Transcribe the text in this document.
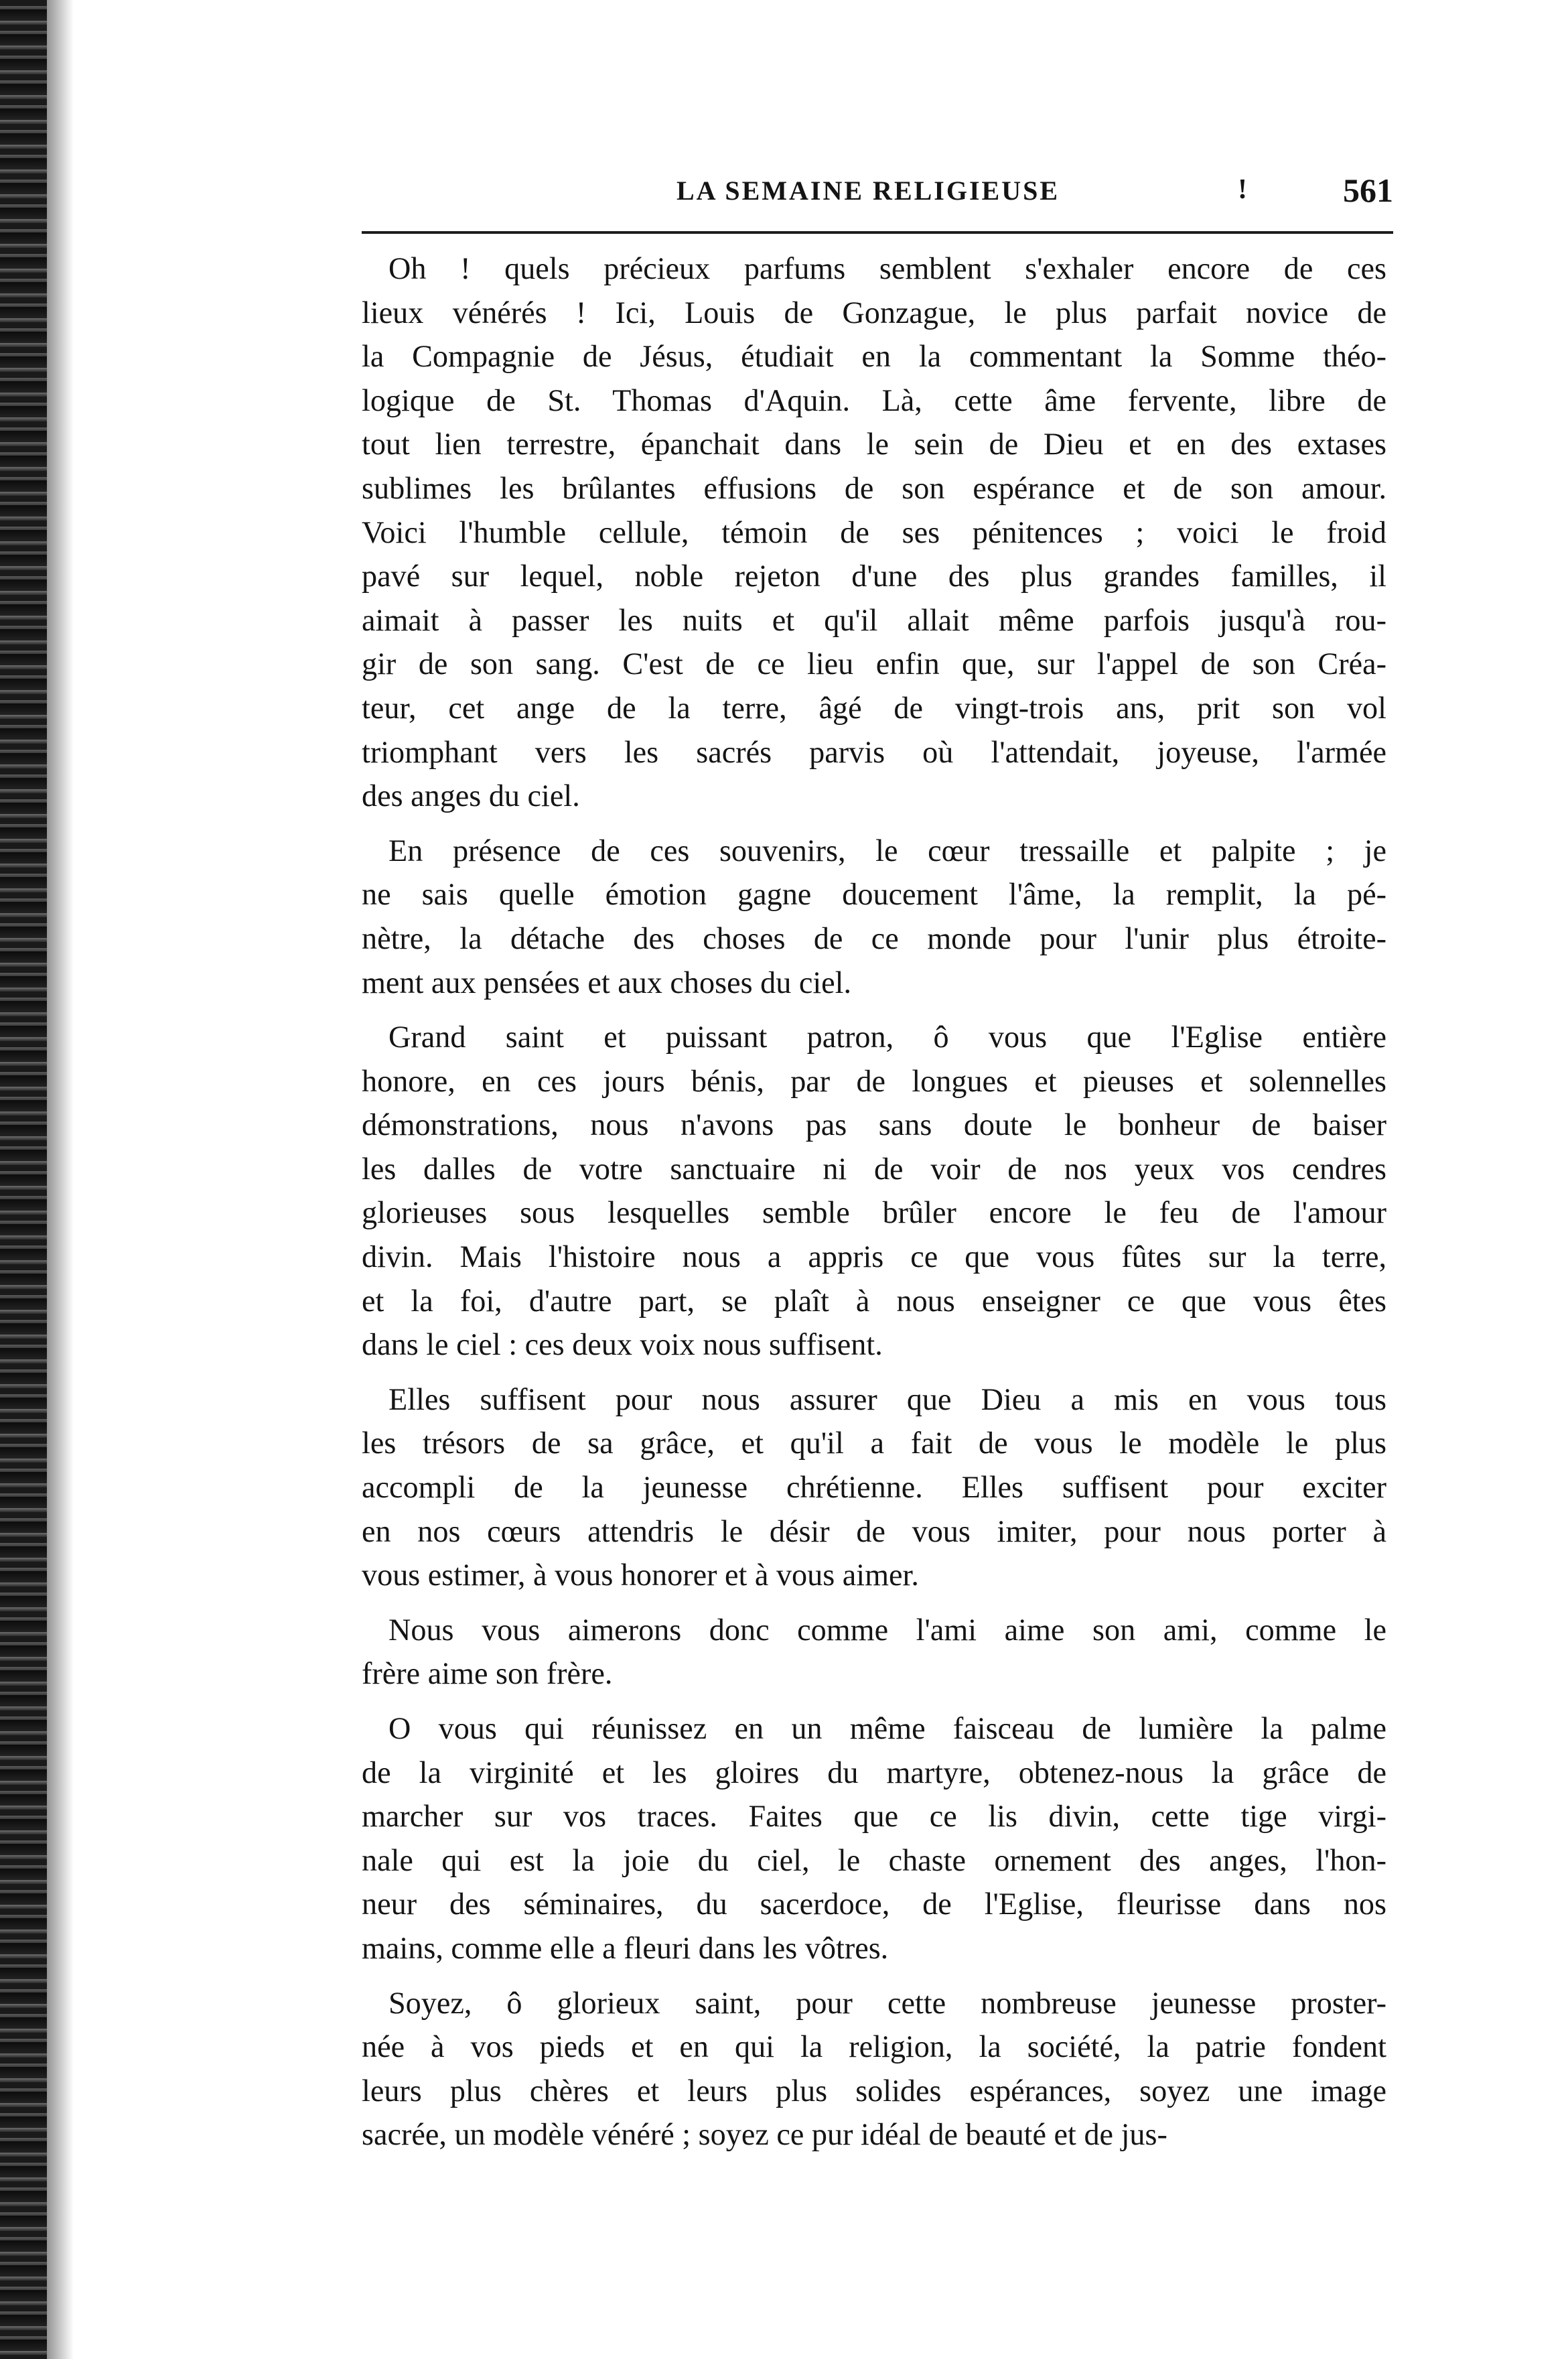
LA SEMAINE RELIGIEUSE	!	561

Oh ! quels précieux parfums semblent s'exhaler encore de ces
lieux vénérés ! Ici, Louis de Gonzague, le plus parfait novice de
la Compagnie de Jésus, étudiait en la commentant la Somme théo-
logique de St. Thomas d'Aquin. Là, cette âme fervente, libre de
tout lien terrestre, épanchait dans le sein de Dieu et en des extases
sublimes les brûlantes effusions de son espérance et de son amour.
Voici l'humble cellule, témoin de ses pénitences ; voici le froid
pavé sur lequel, noble rejeton d'une des plus grandes familles, il
aimait à passer les nuits et qu'il allait même parfois jusqu'à rou-
gir de son sang. C'est de ce lieu enfin que, sur l'appel de son Créa-
teur, cet ange de la terre, âgé de vingt-trois ans, prit son vol
triomphant vers les sacrés parvis où l'attendait, joyeuse, l'armée
des anges du ciel.

En présence de ces souvenirs, le cœur tressaille et palpite ; je
ne sais quelle émotion gagne doucement l'âme, la remplit, la pé-
nètre, la détache des choses de ce monde pour l'unir plus étroite-
ment aux pensées et aux choses du ciel.

Grand saint et puissant patron, ô vous que l'Eglise entière
honore, en ces jours bénis, par de longues et pieuses et solennelles
démonstrations, nous n'avons pas sans doute le bonheur de baiser
les dalles de votre sanctuaire ni de voir de nos yeux vos cendres
glorieuses sous lesquelles semble brûler encore le feu de l'amour
divin. Mais l'histoire nous a appris ce que vous fûtes sur la terre,
et la foi, d'autre part, se plaît à nous enseigner ce que vous êtes
dans le ciel : ces deux voix nous suffisent.

Elles suffisent pour nous assurer que Dieu a mis en vous tous
les trésors de sa grâce, et qu'il a fait de vous le modèle le plus
accompli de la jeunesse chrétienne. Elles suffisent pour exciter
en nos cœurs attendris le désir de vous imiter, pour nous porter à
vous estimer, à vous honorer et à vous aimer.

Nous vous aimerons donc comme l'ami aime son ami, comme le
frère aime son frère.

O vous qui réunissez en un même faisceau de lumière la palme
de la virginité et les gloires du martyre, obtenez-nous la grâce de
marcher sur vos traces. Faites que ce lis divin, cette tige virgi-
nale qui est la joie du ciel, le chaste ornement des anges, l'hon-
neur des séminaires, du sacerdoce, de l'Eglise, fleurisse dans nos
mains, comme elle a fleuri dans les vôtres.

Soyez, ô glorieux saint, pour cette nombreuse jeunesse proster-
née à vos pieds et en qui la religion, la société, la patrie fondent
leurs plus chères et leurs plus solides espérances, soyez une image
sacrée, un modèle vénéré ; soyez ce pur idéal de beauté et de jus-
